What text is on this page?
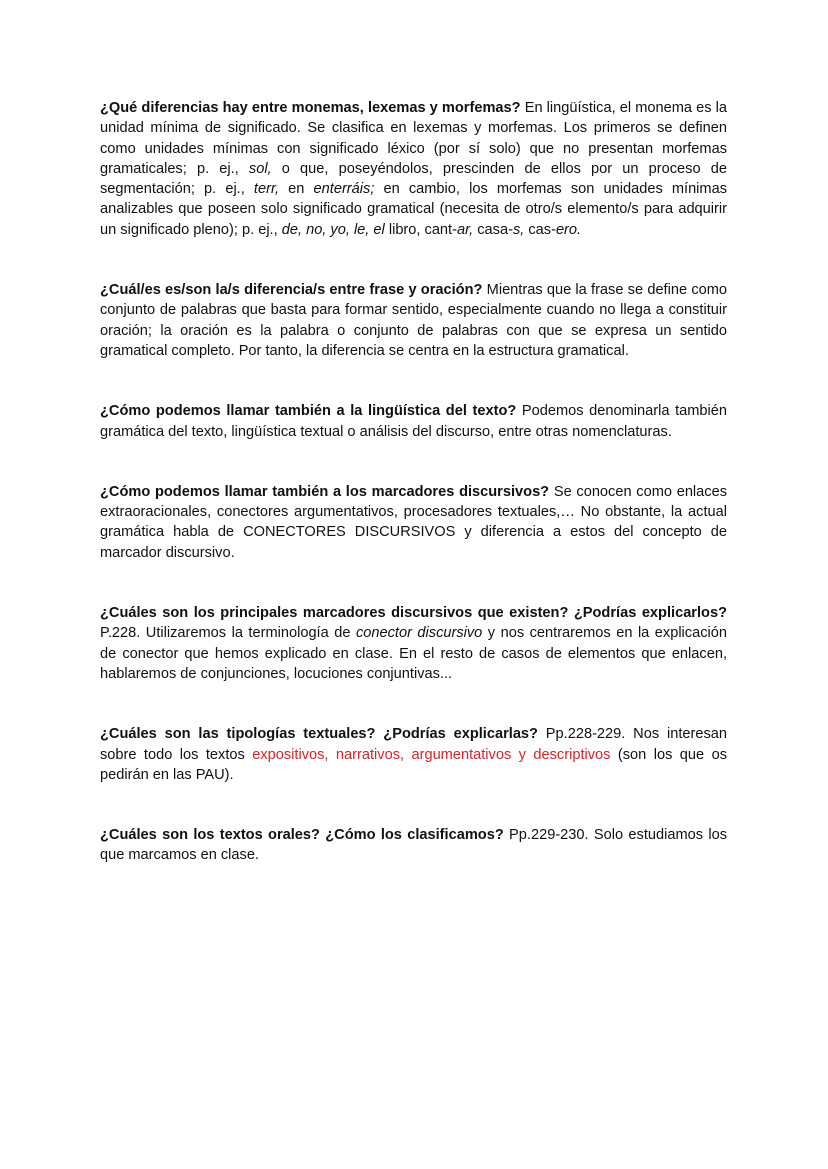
¿Qué diferencias hay entre monemas, lexemas y morfemas? En lingüística, el monema es la unidad mínima de significado. Se clasifica en lexemas y morfemas. Los primeros se definen como unidades mínimas con significado léxico (por sí solo) que no presentan morfemas gramaticales; p. ej., sol, o que, poseyéndolos, prescinden de ellos por un proceso de segmentación; p. ej., terr, en enterráis; en cambio, los morfemas son unidades mínimas analizables que poseen solo significado gramatical (necesita de otro/s elemento/s para adquirir un significado pleno); p. ej., de, no, yo, le, el libro, cant-ar, casa-s, cas-ero.

¿Cuál/es es/son la/s diferencia/s entre frase y oración? Mientras que la frase se define como conjunto de palabras que basta para formar sentido, especialmente cuando no llega a constituir oración; la oración es la palabra o conjunto de palabras con que se expresa un sentido gramatical completo. Por tanto, la diferencia se centra en la estructura gramatical.

¿Cómo podemos llamar también a la lingüística del texto? Podemos denominarla también gramática del texto, lingüística textual o análisis del discurso, entre otras nomenclaturas.

¿Cómo podemos llamar también a los marcadores discursivos? Se conocen como enlaces extraoracionales, conectores argumentativos, procesadores textuales,… No obstante, la actual gramática habla de CONECTORES DISCURSIVOS y diferencia a estos del concepto de marcador discursivo.

¿Cuáles son los principales marcadores discursivos que existen? ¿Podrías explicarlos? P.228. Utilizaremos la terminología de conector discursivo y nos centraremos en la explicación de conector que hemos explicado en clase. En el resto de casos de elementos que enlacen, hablaremos de conjunciones, locuciones conjuntivas...

¿Cuáles son las tipologías textuales? ¿Podrías explicarlas? Pp.228-229. Nos interesan sobre todo los textos expositivos, narrativos, argumentativos y descriptivos (son los que os pedirán en las PAU).

¿Cuáles son los textos orales? ¿Cómo los clasificamos? Pp.229-230. Solo estudiamos los que marcamos en clase.
